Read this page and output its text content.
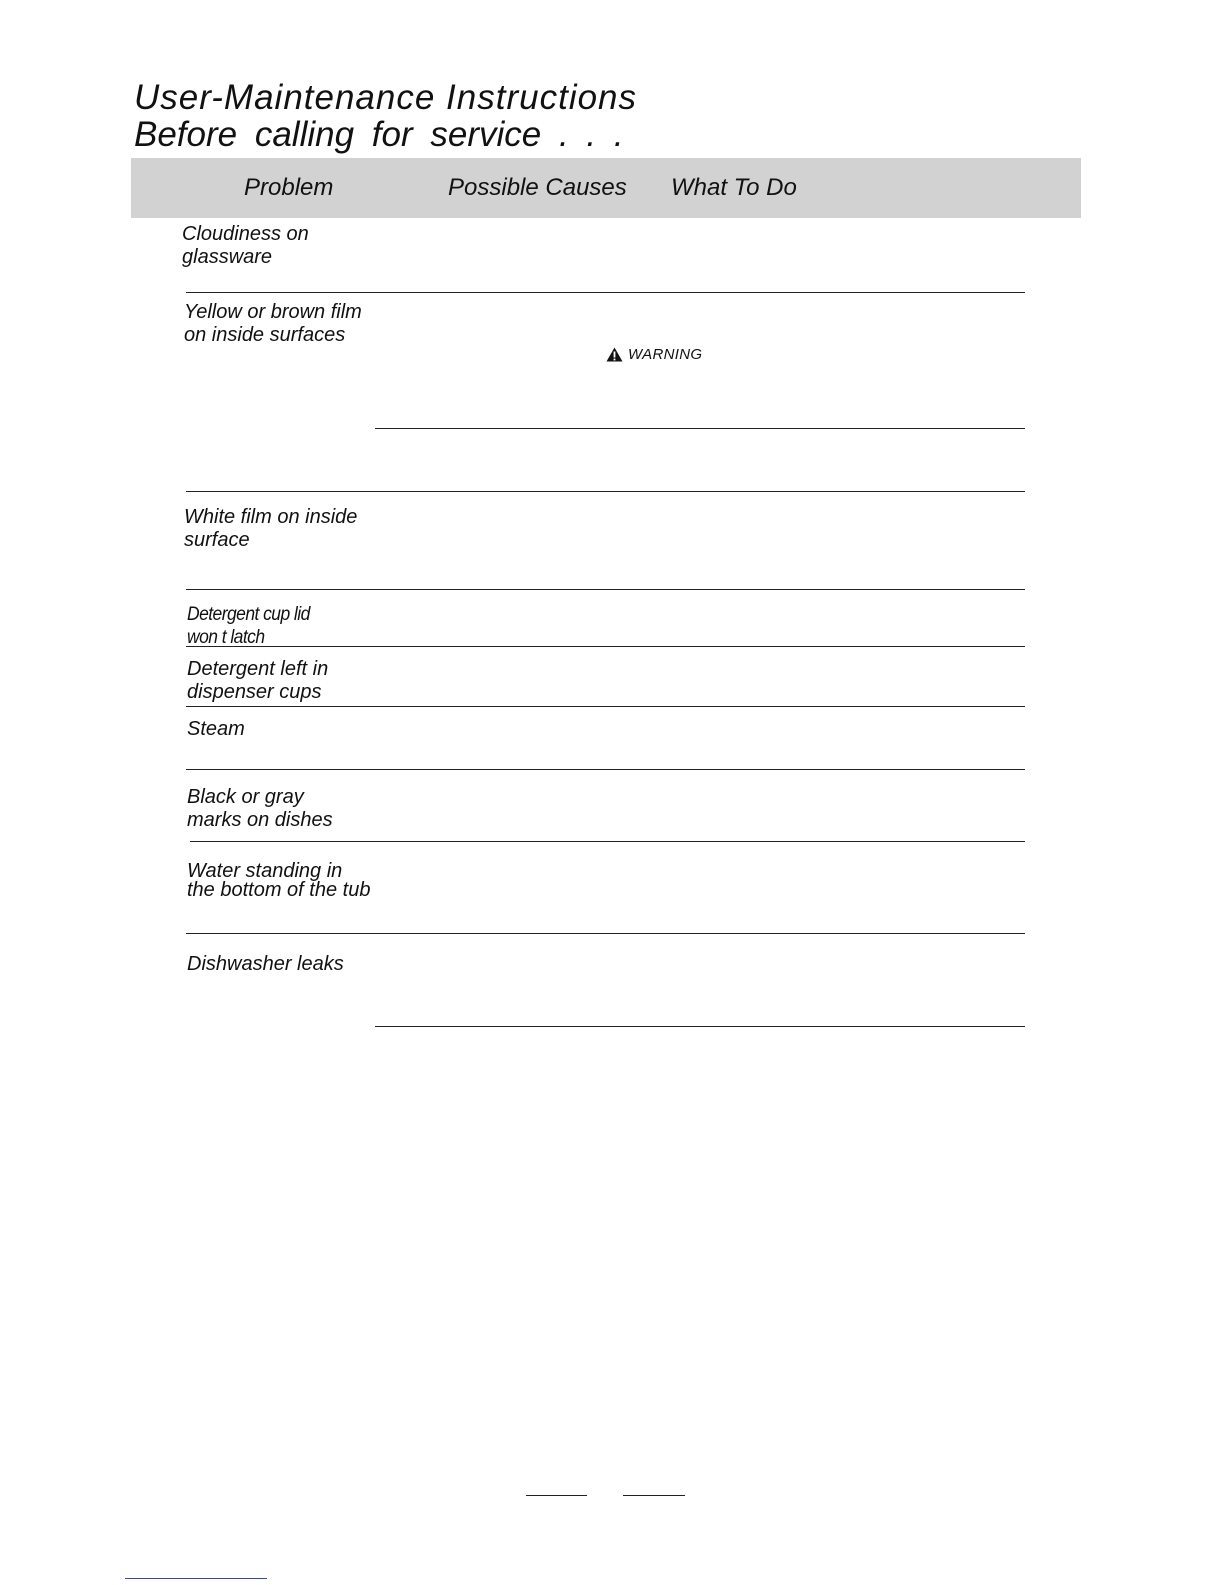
User-Maintenance Instructions
Before calling for service . . .
Problem	Possible Causes What To Do
Cloudiness on
glassware
Yellow or brown film
on inside surfaces
WARNING
White film on inside
surface
Detergent cup lid
won t latch
Detergent left in
dispenser cups
Steam
Black or gray
marks on dishes
Water standing in
the bottom of the tub
Dishwasher leaks
